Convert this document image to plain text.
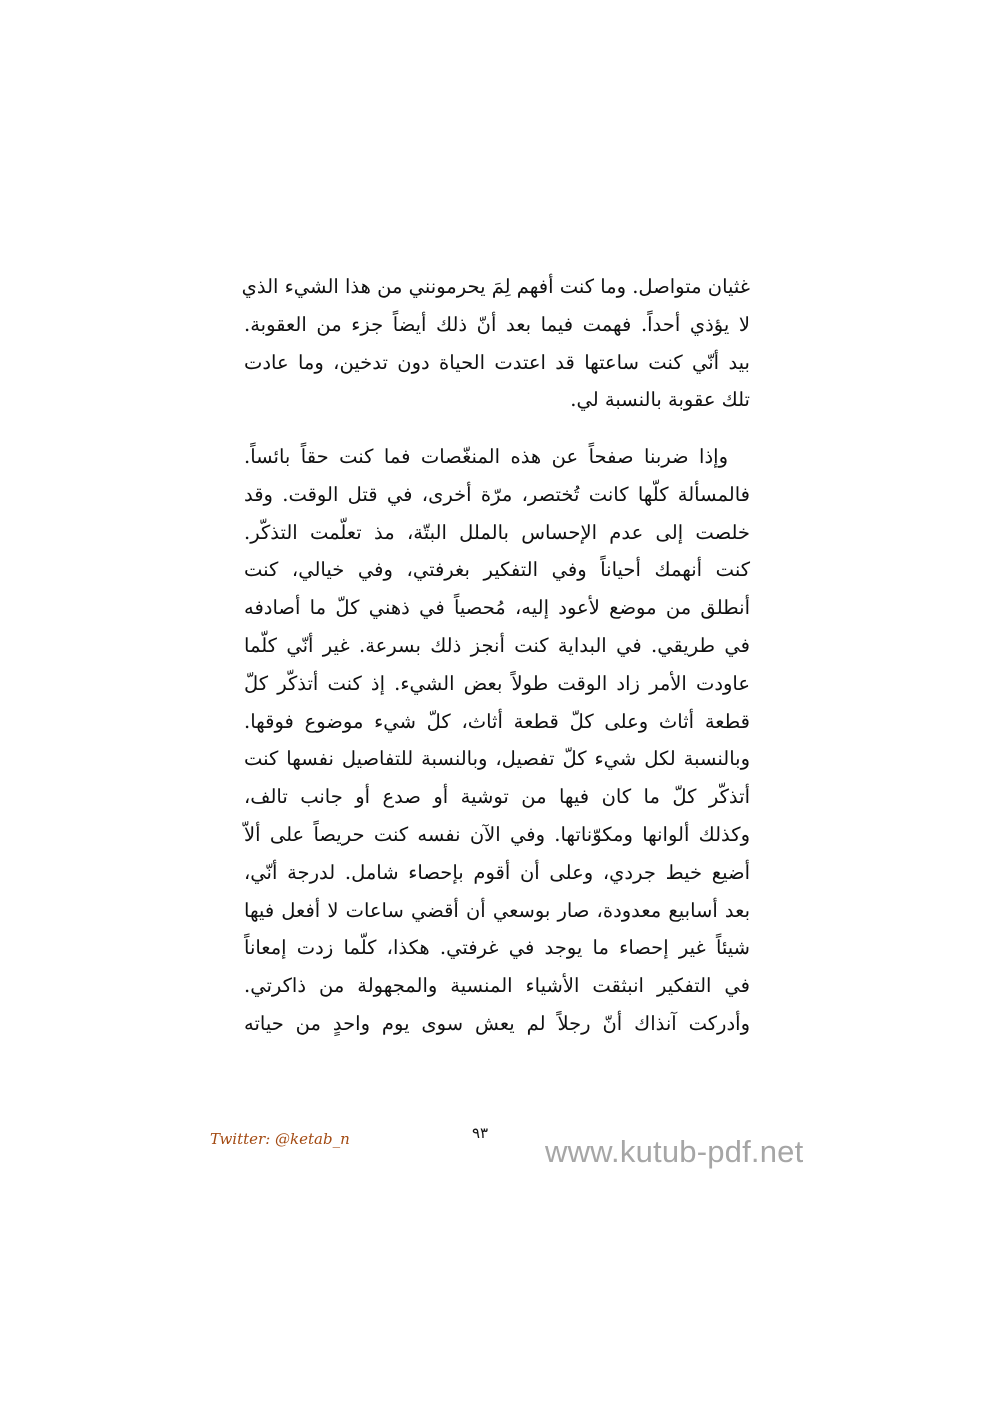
غثيان متواصل. وما كنت أفهم لِمَ يحرمونني من هذا الشيء الذي
لا يؤذي أحداً. فهمت فيما بعد أنّ ذلك أيضاً جزء من العقوبة.
بيد أنّي كنت ساعتها قد اعتدت الحياة دون تدخين، وما عادت
تلك عقوبة بالنسبة لي.
وإذا ضربنا صفحاً عن هذه المنغّصات فما كنت حقاً بائساً.
فالمسألة كلّها كانت تُختصر، مرّة أخرى، في قتل الوقت. وقد
خلصت إلى عدم الإحساس بالملل البتّة، مذ تعلّمت التذكّر.
كنت أنهمك أحياناً وفي التفكير بغرفتي، وفي خيالي، كنت
أنطلق من موضع لأعود إليه، مُحصياً في ذهني كلّ ما أصادفه
في طريقي. في البداية كنت أنجز ذلك بسرعة. غير أنّي كلّما
عاودت الأمر زاد الوقت طولاً بعض الشيء. إذ كنت أتذكّر كلّ
قطعة أثاث وعلى كلّ قطعة أثاث، كلّ شيء موضوع فوقها.
وبالنسبة لكل شيء كلّ تفصيل، وبالنسبة للتفاصيل نفسها كنت
أتذكّر كلّ ما كان فيها من توشية أو صدع أو جانب تالف،
وكذلك ألوانها ومكوّناتها. وفي الآن نفسه كنت حريصاً على ألاّ
أضيع خيط جردي، وعلى أن أقوم بإحصاء شامل. لدرجة أنّي،
بعد أسابيع معدودة، صار بوسعي أن أقضي ساعات لا أفعل فيها
شيئاً غير إحصاء ما يوجد في غرفتي. هكذا، كلّما زدت إمعاناً
في التفكير انبثقت الأشياء المنسية والمجهولة من ذاكرتي.
وأدركت آنذاك أنّ رجلاً لم يعش سوى يوم واحدٍ من حياته
Twitter: @ketab_n	٩٣
www.kutub-pdf.net
